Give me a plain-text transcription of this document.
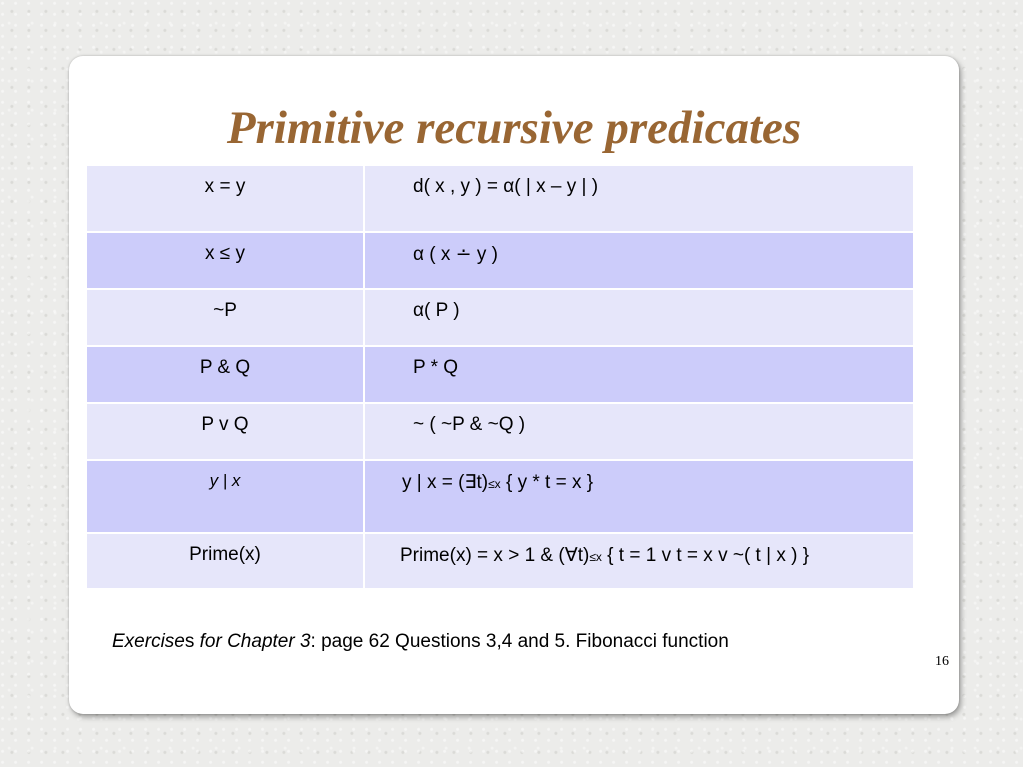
Primitive recursive predicates
x = y	d( x , y ) = α( | x – y | )
x ≤ y	α ( x ∸ y )
~P	α( P )
P & Q	P * Q
P v Q	~ ( ~P & ~Q )
y | x	y | x = (∃t)≤x { y * t = x }
Prime(x)	Prime(x) = x > 1 & (∀t)≤x { t = 1 v t = x v ~( t | x ) }

Exercises for Chapter 3: page 62 Questions 3,4 and 5. Fibonacci function

16
